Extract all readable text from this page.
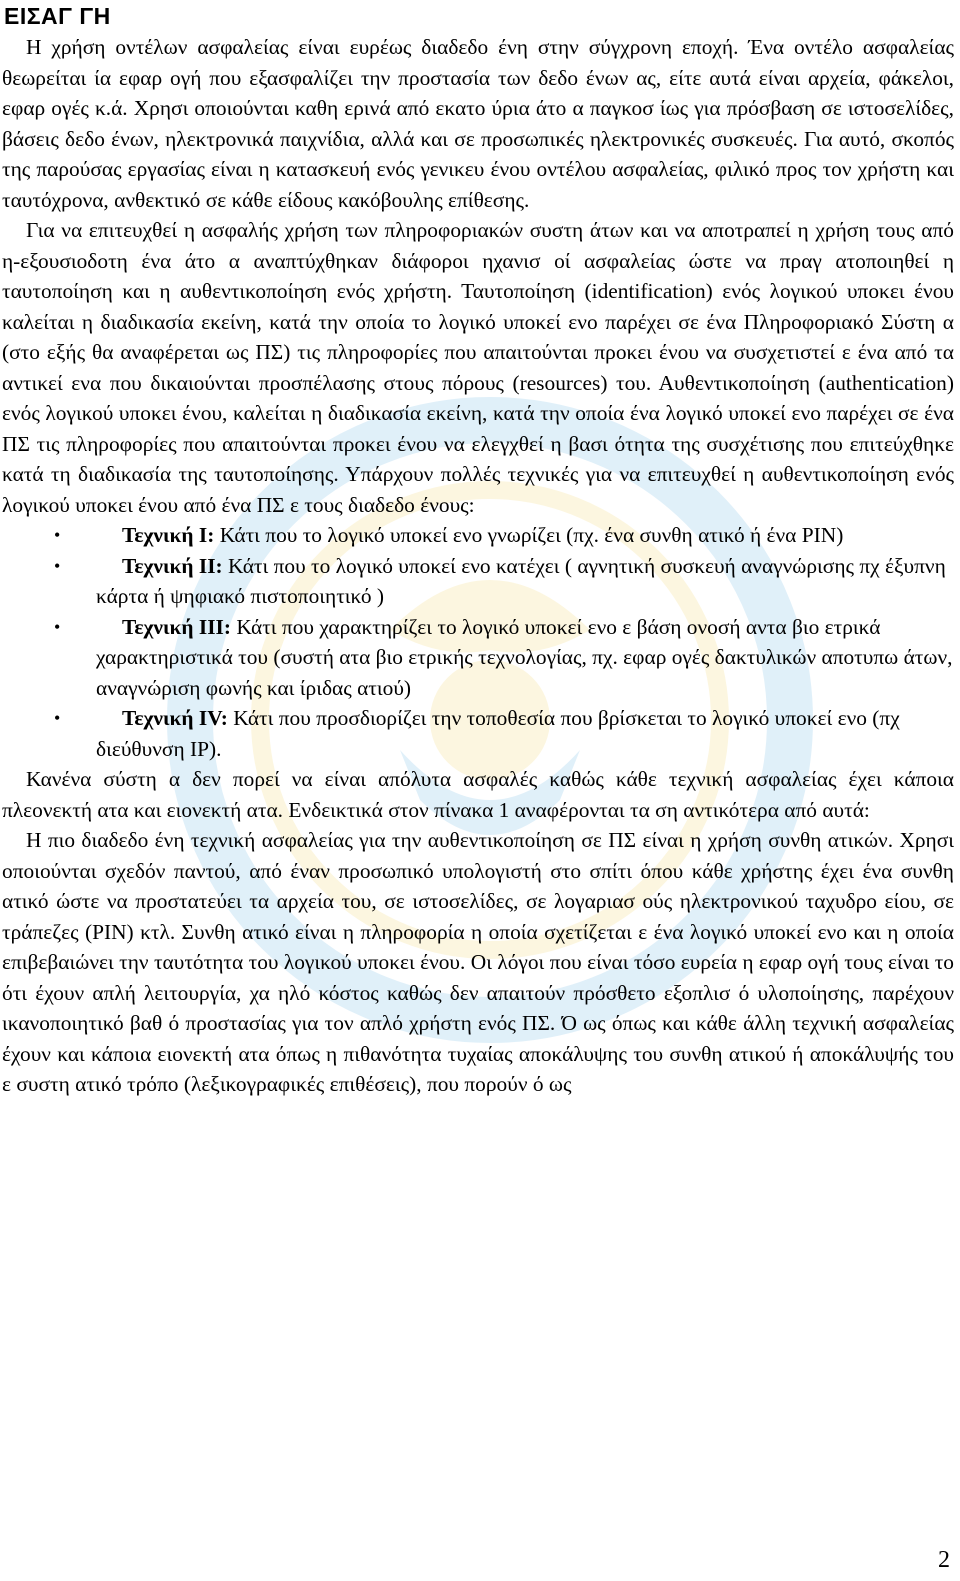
ΕΙΣΑΓ ΓΗ

Η χρήση οντέλων ασφαλείας είναι ευρέως διαδεδο ένη στην σύγχρονη εποχή. Ένα οντέλο ασφαλείας θεωρείται ία εφαρ ογή που εξασφαλίζει την προστασία των δεδο ένων ας, είτε αυτά είναι αρχεία, φάκελοι, εφαρ ογές κ.ά. Χρησι οποιούνται καθη ερινά από εκατο ύρια άτο α παγκοσ ίως για πρόσβαση σε ιστοσελίδες, βάσεις δεδο ένων, ηλεκτρονικά παιχνίδια, αλλά και σε προσωπικές ηλεκτρονικές συσκευές. Για αυτό, σκοπός της παρούσας εργασίας είναι η κατασκευή ενός γενικευ ένου οντέλου ασφαλείας, φιλικό προς τον χρήστη και ταυτόχρονα, ανθεκτικό σε κάθε είδους κακόβουλης επίθεσης.

Για να επιτευχθεί η ασφαλής χρήση των πληροφοριακών συστη άτων και να αποτραπεί η χρήση τους από η-εξουσιοδοτη ένα άτο α αναπτύχθηκαν διάφοροι ηχανισ οί ασφαλείας ώστε να πραγ ατοποιηθεί η ταυτοποίηση και η αυθεντικοποίηση ενός χρήστη. Ταυτοποίηση (identification) ενός λογικού υποκει ένου καλείται η διαδικασία εκείνη, κατά την οποία το λογικό υποκεί ενο παρέχει σε ένα Πληροφοριακό Σύστη α (στο εξής θα αναφέρεται ως ΠΣ) τις πληροφορίες που απαιτούνται προκει ένου να συσχετιστεί ε ένα από τα αντικεί ενα που δικαιούνται προσπέλασης στους πόρους (resources) του. Αυθεντικοποίηση (authentication) ενός λογικού υποκει ένου, καλείται η διαδικασία εκείνη, κατά την οποία ένα λογικό υποκεί ενο παρέχει σε ένα ΠΣ τις πληροφορίες που απαιτούνται προκει ένου να ελεγχθεί η βασι ότητα της συσχέτισης που επιτεύχθηκε κατά τη διαδικασία της ταυτοποίησης. Υπάρχουν πολλές τεχνικές για να επιτευχθεί η αυθεντικοποίηση ενός λογικού υποκει ένου από ένα ΠΣ ε τους διαδεδο ένους:

•	Τεχνική I: Κάτι που το λογικό υποκεί ενο γνωρίζει (πχ. ένα συνθη ατικό ή ένα PIN)
•	Τεχνική II: Κάτι που το λογικό υποκεί ενο κατέχει ( αγνητική συσκευή αναγνώρισης πχ έξυπνη κάρτα ή ψηφιακό πιστοποιητικό )
•	Τεχνική III: Κάτι που χαρακτηρίζει το λογικό υποκεί ενο ε βάση ονοσή αντα βιο ετρικά χαρακτηριστικά του (συστή ατα βιο ετρικής τεχνολογίας, πχ. εφαρ ογές δακτυλικών αποτυπω άτων, αναγνώριση φωνής και ίριδας ατιού)
•	Τεχνική IV: Κάτι που προσδιορίζει την τοποθεσία που βρίσκεται το λογικό υποκεί ενο (πχ διεύθυνση IP).

Κανένα σύστη α δεν πορεί να είναι απόλυτα ασφαλές καθώς κάθε τεχνική ασφαλείας έχει κάποια πλεονεκτή ατα και ειονεκτή ατα. Ενδεικτικά στον πίνακα 1 αναφέρονται τα ση αντικότερα από αυτά:

Η πιο διαδεδο ένη τεχνική ασφαλείας για την αυθεντικοποίηση σε ΠΣ είναι η χρήση συνθη ατικών. Χρησι οποιούνται σχεδόν παντού, από έναν προσωπικό υπολογιστή στο σπίτι όπου κάθε χρήστης έχει ένα συνθη ατικό ώστε να προστατεύει τα αρχεία του, σε ιστοσελίδες, σε λογαριασ ούς ηλεκτρονικού ταχυδρο είου, σε τράπεζες (PIN) κτλ. Συνθη ατικό είναι η πληροφορία η οποία σχετίζεται ε ένα λογικό υποκεί ενο και η οποία επιβεβαιώνει την ταυτότητα του λογικού υποκει ένου. Οι λόγοι που είναι τόσο ευρεία η εφαρ ογή τους είναι το ότι έχουν απλή λειτουργία, χα ηλό κόστος καθώς δεν απαιτούν πρόσθετο εξοπλισ ό υλοποίησης, παρέχουν ικανοποιητικό βαθ ό προστασίας για τον απλό χρήστη ενός ΠΣ. Ό ως όπως και κάθε άλλη τεχνική ασφαλείας έχουν και κάποια ειονεκτή ατα όπως η πιθανότητα τυχαίας αποκάλυψης του συνθη ατικού ή αποκάλυψής του ε συστη ατικό τρόπο (λεξικογραφικές επιθέσεις), που πορούν ό ως

2
